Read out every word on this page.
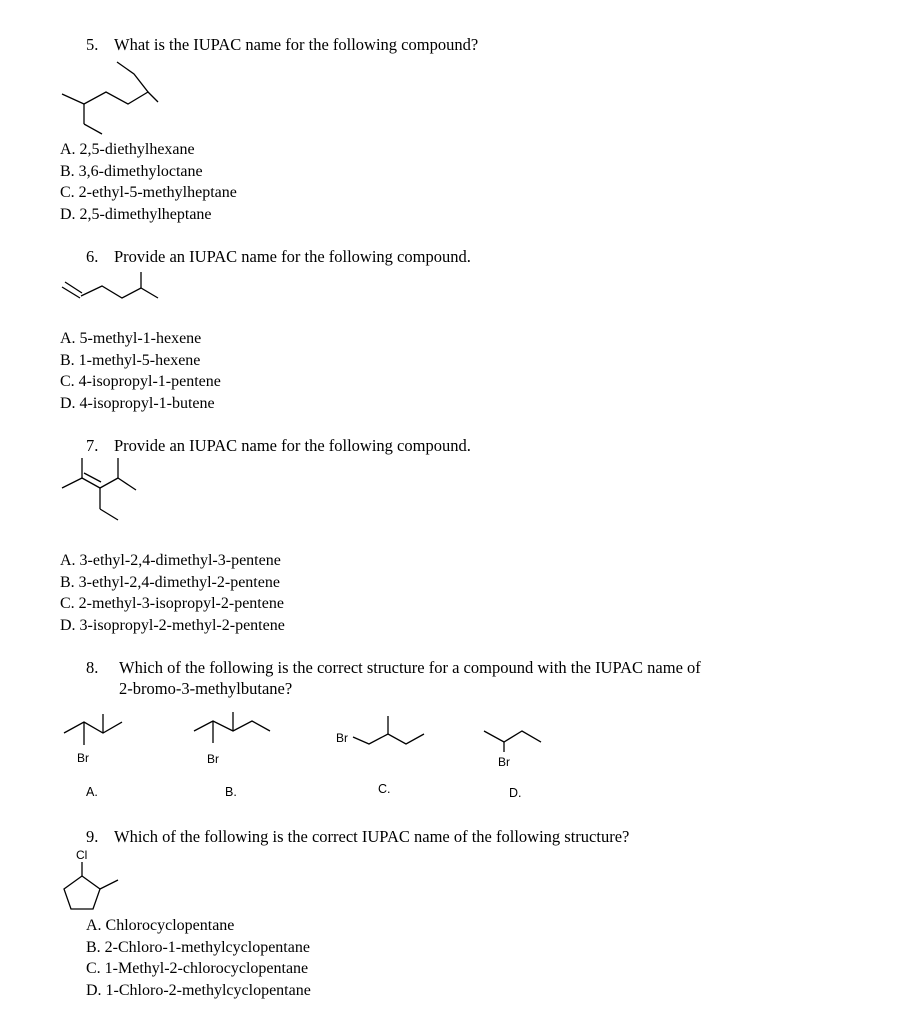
5. What is the IUPAC name for the following compound?
A. 2,5-diethylhexane
B. 3,6-dimethyloctane
C. 2-ethyl-5-methylheptane
D. 2,5-dimethylheptane
6. Provide an IUPAC name for the following compound.
A. 5-methyl-1-hexene
B. 1-methyl-5-hexene
C. 4-isopropyl-1-pentene
D. 4-isopropyl-1-butene
7. Provide an IUPAC name for the following compound.
A. 3-ethyl-2,4-dimethyl-3-pentene
B. 3-ethyl-2,4-dimethyl-2-pentene
C. 2-methyl-3-isopropyl-2-pentene
D. 3-isopropyl-2-methyl-2-pentene
8. Which of the following is the correct structure for a compound with the IUPAC name of
2-bromo-3-methylbutane?
Br	Br
Br
Br
A.	B.	C.	D.
9. Which of the following is the correct IUPAC name of the following structure?
Cl
A. Chlorocyclopentane
B. 2-Chloro-1-methylcyclopentane
C. 1-Methyl-2-chlorocyclopentane
D. 1-Chloro-2-methylcyclopentane
